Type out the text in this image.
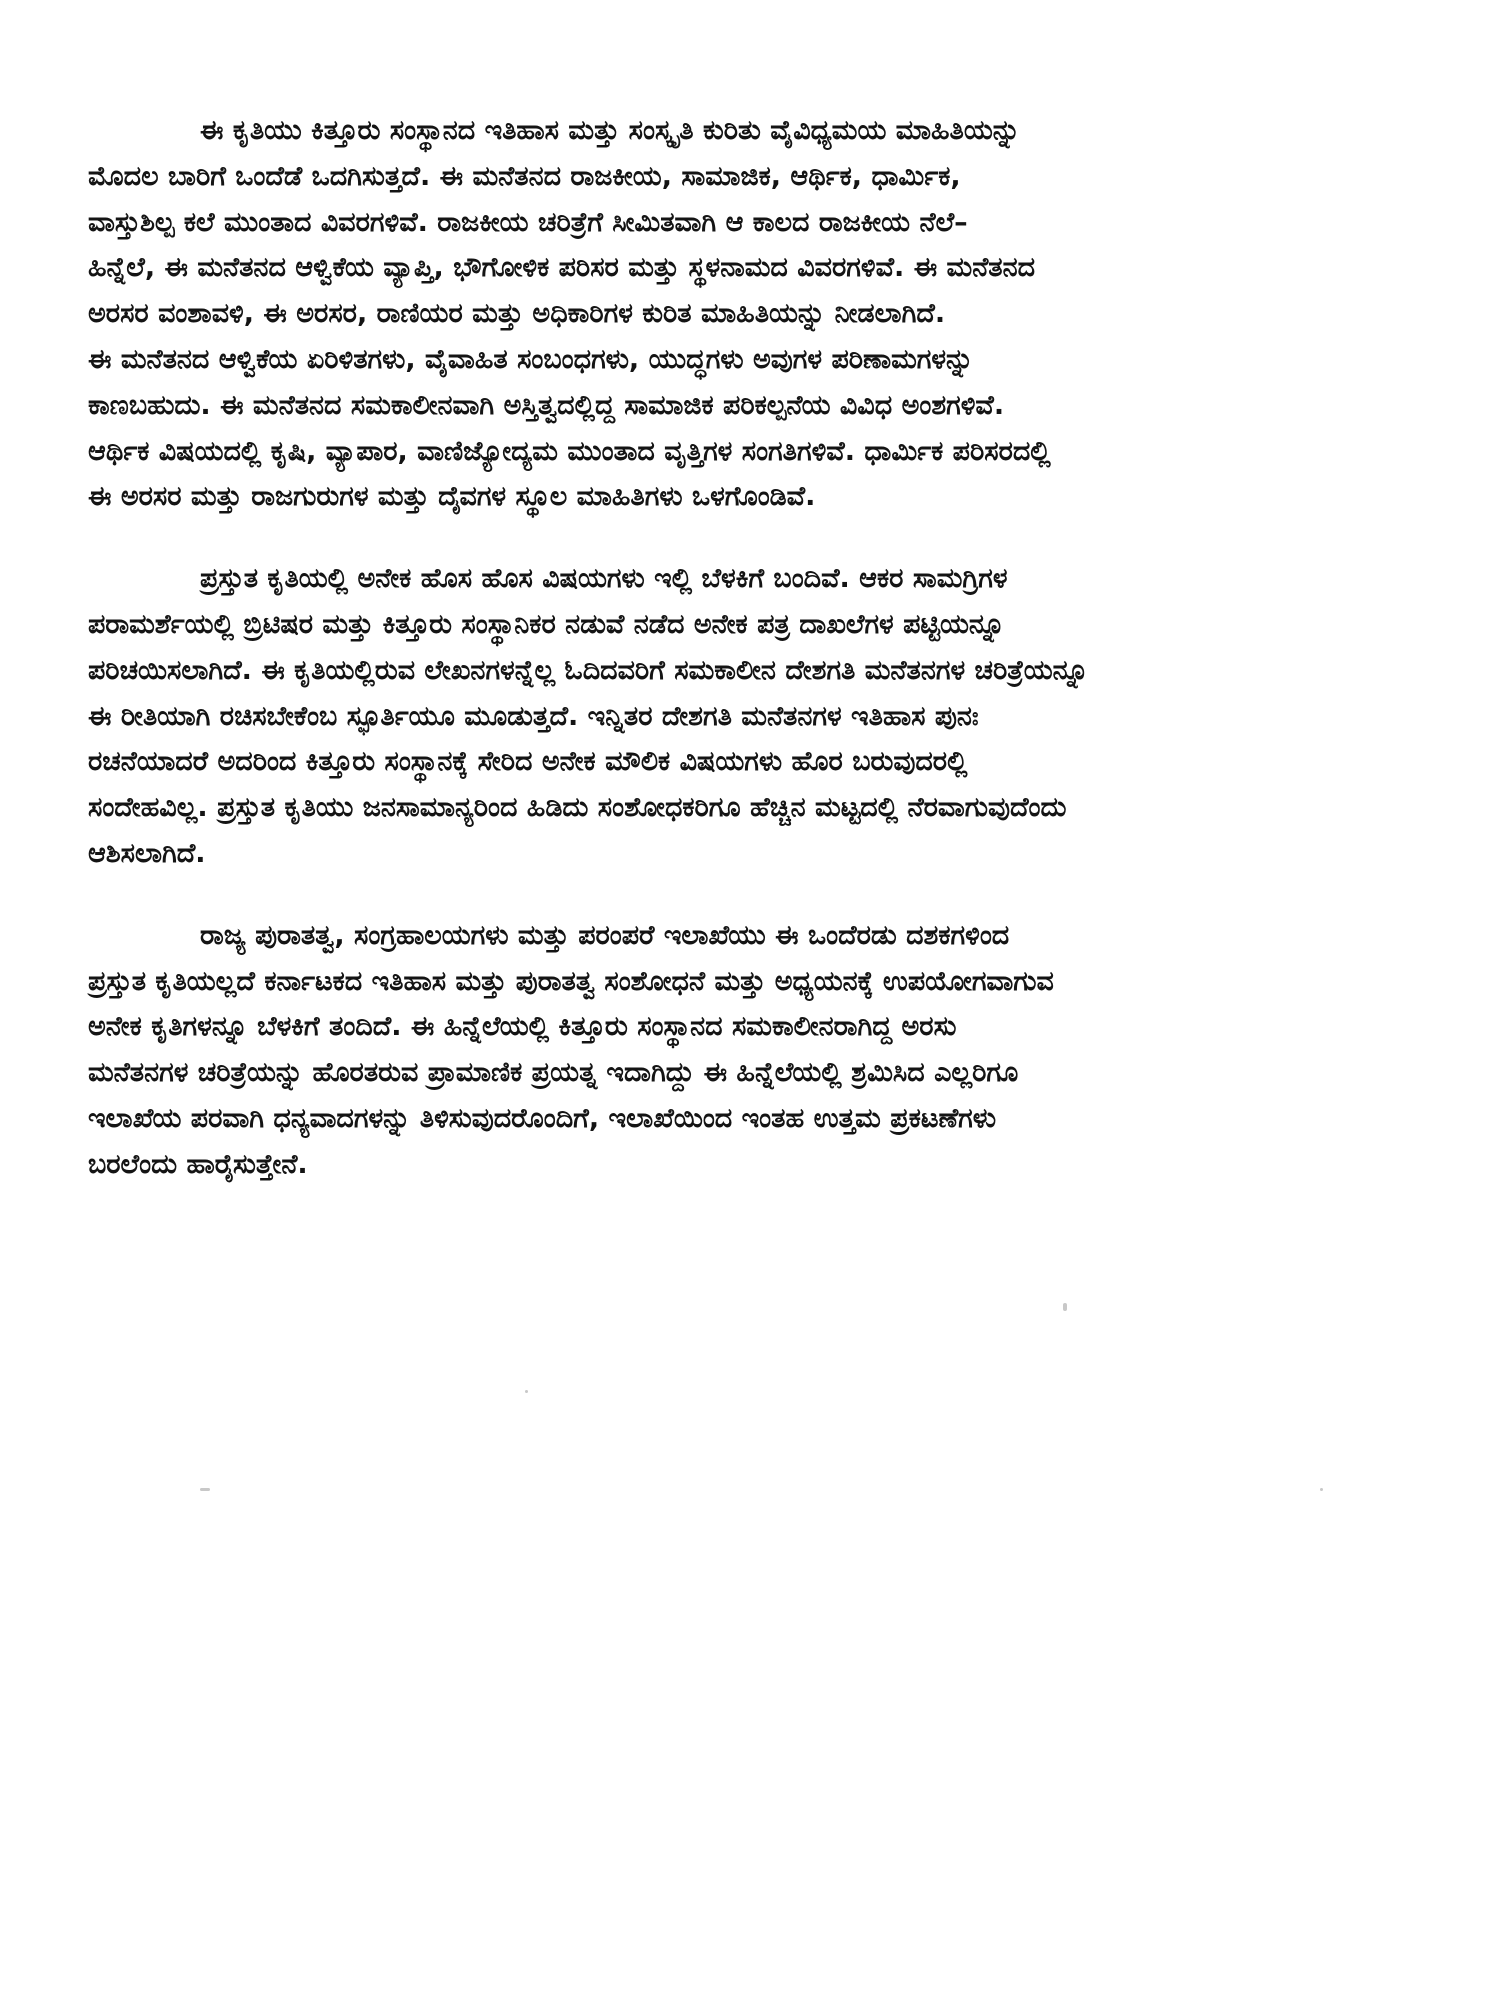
ಈ ಕೃತಿಯು ಕಿತ್ತೂರು ಸಂಸ್ಥಾನದ ಇತಿಹಾಸ ಮತ್ತು ಸಂಸ್ಕೃತಿ ಕುರಿತು ವೈವಿಧ್ಯಮಯ ಮಾಹಿತಿಯನ್ನು
ಮೊದಲ ಬಾರಿಗೆ ಒಂದೆಡೆ ಒದಗಿಸುತ್ತದೆ. ಈ ಮನೆತನದ ರಾಜಕೀಯ, ಸಾಮಾಜಿಕ, ಆರ್ಥಿಕ, ಧಾರ್ಮಿಕ,
ವಾಸ್ತುಶಿಲ್ಪ ಕಲೆ ಮುಂತಾದ ವಿವರಗಳಿವೆ. ರಾಜಕೀಯ ಚರಿತ್ರೆಗೆ ಸೀಮಿತವಾಗಿ ಆ ಕಾಲದ ರಾಜಕೀಯ ನೆಲೆ–
ಹಿನ್ನೆಲೆ, ಈ ಮನೆತನದ ಆಳ್ವಿಕೆಯ ವ್ಯಾಪ್ತಿ, ಭೌಗೋಳಿಕ ಪರಿಸರ ಮತ್ತು ಸ್ಥಳನಾಮದ ವಿವರಗಳಿವೆ. ಈ ಮನೆತನದ
ಅರಸರ ವಂಶಾವಳಿ, ಈ ಅರಸರ, ರಾಣಿಯರ ಮತ್ತು ಅಧಿಕಾರಿಗಳ ಕುರಿತ ಮಾಹಿತಿಯನ್ನು ನೀಡಲಾಗಿದೆ.
ಈ ಮನೆತನದ ಆಳ್ವಿಕೆಯ ಏರಿಳಿತಗಳು, ವೈವಾಹಿತ ಸಂಬಂಧಗಳು, ಯುದ್ಧಗಳು ಅವುಗಳ ಪರಿಣಾಮಗಳನ್ನು
ಕಾಣಬಹುದು. ಈ ಮನೆತನದ ಸಮಕಾಲೀನವಾಗಿ ಅಸ್ತಿತ್ವದಲ್ಲಿದ್ದ ಸಾಮಾಜಿಕ ಪರಿಕಲ್ಪನೆಯ ವಿವಿಧ ಅಂಶಗಳಿವೆ.
ಆರ್ಥಿಕ ವಿಷಯದಲ್ಲಿ ಕೃಷಿ, ವ್ಯಾಪಾರ, ವಾಣಿಜ್ಯೋದ್ಯಮ ಮುಂತಾದ ವೃತ್ತಿಗಳ ಸಂಗತಿಗಳಿವೆ. ಧಾರ್ಮಿಕ ಪರಿಸರದಲ್ಲಿ
ಈ ಅರಸರ ಮತ್ತು ರಾಜಗುರುಗಳ ಮತ್ತು ದೈವಗಳ ಸ್ಥೂಲ ಮಾಹಿತಿಗಳು ಒಳಗೊಂಡಿವೆ.

ಪ್ರಸ್ತುತ ಕೃತಿಯಲ್ಲಿ ಅನೇಕ ಹೊಸ ಹೊಸ ವಿಷಯಗಳು ಇಲ್ಲಿ ಬೆಳಕಿಗೆ ಬಂದಿವೆ. ಆಕರ ಸಾಮಗ್ರಿಗಳ
ಪರಾಮರ್ಶೆಯಲ್ಲಿ ಬ್ರಿಟಿಷರ ಮತ್ತು ಕಿತ್ತೂರು ಸಂಸ್ಥಾನಿಕರ ನಡುವೆ ನಡೆದ ಅನೇಕ ಪತ್ರ ದಾಖಲೆಗಳ ಪಟ್ಟಿಯನ್ನೂ
ಪರಿಚಯಿಸಲಾಗಿದೆ. ಈ ಕೃತಿಯಲ್ಲಿರುವ ಲೇಖನಗಳನ್ನೆಲ್ಲ ಓದಿದವರಿಗೆ ಸಮಕಾಲೀನ ದೇಶಗತಿ ಮನೆತನಗಳ ಚರಿತ್ರೆಯನ್ನೂ
ಈ ರೀತಿಯಾಗಿ ರಚಿಸಬೇಕೆಂಬ ಸ್ಫೂರ್ತಿಯೂ ಮೂಡುತ್ತದೆ. ಇನ್ನಿತರ ದೇಶಗತಿ ಮನೆತನಗಳ ಇತಿಹಾಸ ಪುನಃ
ರಚನೆಯಾದರೆ ಅದರಿಂದ ಕಿತ್ತೂರು ಸಂಸ್ಥಾನಕ್ಕೆ ಸೇರಿದ ಅನೇಕ ಮೌಲಿಕ ವಿಷಯಗಳು ಹೊರ ಬರುವುದರಲ್ಲಿ
ಸಂದೇಹವಿಲ್ಲ. ಪ್ರಸ್ತುತ ಕೃತಿಯು ಜನಸಾಮಾನ್ಯರಿಂದ ಹಿಡಿದು ಸಂಶೋಧಕರಿಗೂ ಹೆಚ್ಚಿನ ಮಟ್ಟದಲ್ಲಿ ನೆರವಾಗುವುದೆಂದು
ಆಶಿಸಲಾಗಿದೆ.

ರಾಜ್ಯ ಪುರಾತತ್ವ, ಸಂಗ್ರಹಾಲಯಗಳು ಮತ್ತು ಪರಂಪರೆ ಇಲಾಖೆಯು ಈ ಒಂದೆರಡು ದಶಕಗಳಿಂದ
ಪ್ರಸ್ತುತ ಕೃತಿಯಲ್ಲದೆ ಕರ್ನಾಟಕದ ಇತಿಹಾಸ ಮತ್ತು ಪುರಾತತ್ವ ಸಂಶೋಧನೆ ಮತ್ತು ಅಧ್ಯಯನಕ್ಕೆ ಉಪಯೋಗವಾಗುವ
ಅನೇಕ ಕೃತಿಗಳನ್ನೂ ಬೆಳಕಿಗೆ ತಂದಿದೆ. ಈ ಹಿನ್ನೆಲೆಯಲ್ಲಿ ಕಿತ್ತೂರು ಸಂಸ್ಥಾನದ ಸಮಕಾಲೀನರಾಗಿದ್ದ ಅರಸು
ಮನೆತನಗಳ ಚರಿತ್ರೆಯನ್ನು ಹೊರತರುವ ಪ್ರಾಮಾಣಿಕ ಪ್ರಯತ್ನ ಇದಾಗಿದ್ದು ಈ ಹಿನ್ನೆಲೆಯಲ್ಲಿ ಶ್ರಮಿಸಿದ ಎಲ್ಲರಿಗೂ
ಇಲಾಖೆಯ ಪರವಾಗಿ ಧನ್ಯವಾದಗಳನ್ನು ತಿಳಿಸುವುದರೊಂದಿಗೆ, ಇಲಾಖೆಯಿಂದ ಇಂತಹ ಉತ್ತಮ ಪ್ರಕಟಣೆಗಳು
ಬರಲೆಂದು ಹಾರೈಸುತ್ತೇನೆ.
